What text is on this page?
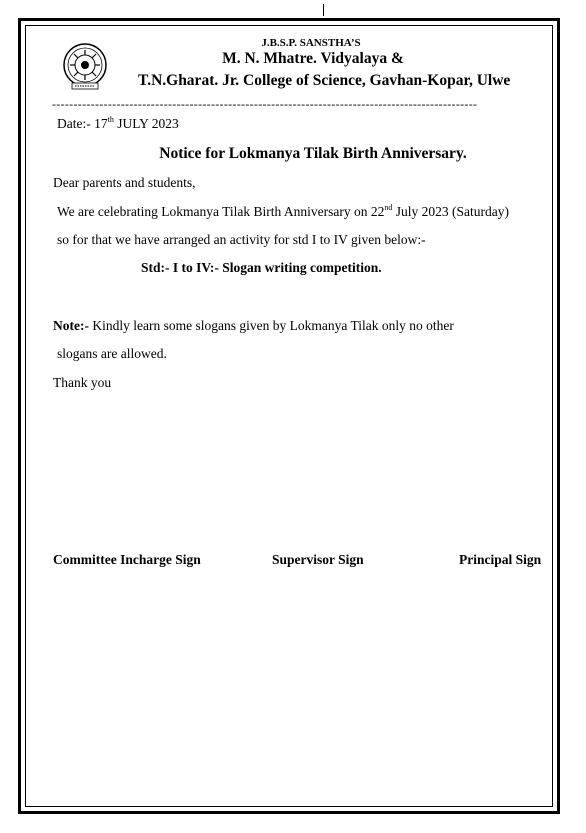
J.B.S.P. SANSTHA’S
M. N. Mhatre. Vidyalaya &
T.N.Gharat. Jr. College of Science, Gavhan-Kopar, Ulwe
---------------------------------------------------------------------------------------------------
Date:- 17th JULY 2023
Notice for Lokmanya Tilak Birth Anniversary.
Dear parents and students,
We are celebrating Lokmanya Tilak Birth Anniversary on 22nd July 2023 (Saturday)
so for that we have arranged an activity for std I to IV given below:-
Std:- I to IV:- Slogan writing competition.
Note:- Kindly learn some slogans given by Lokmanya Tilak only no other
slogans are allowed.
Thank you
Committee Incharge Sign	Supervisor Sign	Principal Sign
